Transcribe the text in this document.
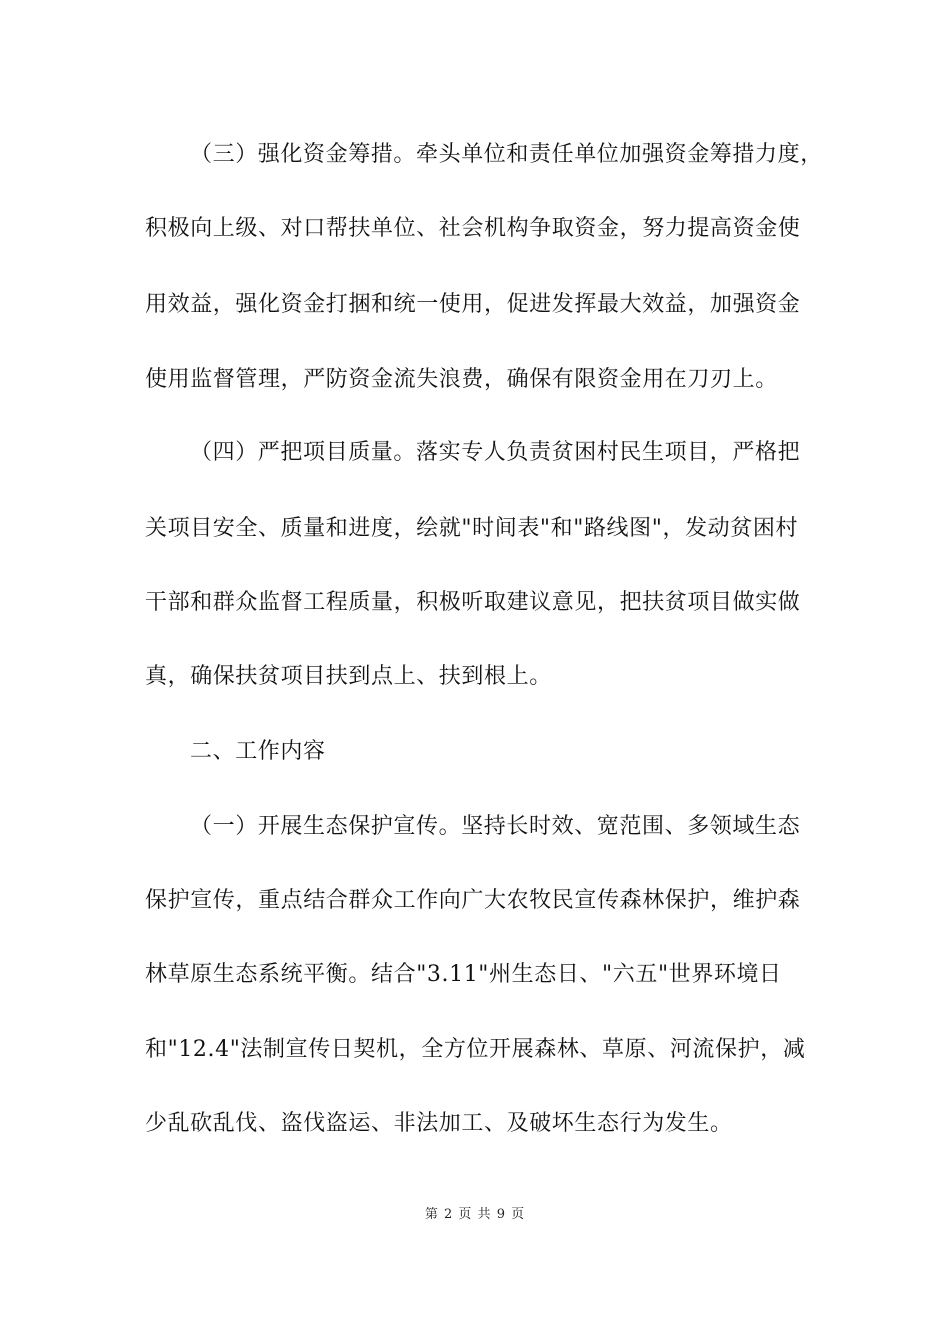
（三）强化资金筹措。牵头单位和责任单位加强资金筹措力度，
积极向上级、对口帮扶单位、社会机构争取资金，努力提高资金使
用效益，强化资金打捆和统一使用，促进发挥最大效益，加强资金
使用监督管理，严防资金流失浪费，确保有限资金用在刀刃上。
（四）严把项目质量。落实专人负责贫困村民生项目，严格把
关项目安全、质量和进度，绘就"时间表"和"路线图"，发动贫困村
干部和群众监督工程质量，积极听取建议意见，把扶贫项目做实做
真，确保扶贫项目扶到点上、扶到根上。
二、工作内容
（一）开展生态保护宣传。坚持长时效、宽范围、多领域生态
保护宣传，重点结合群众工作向广大农牧民宣传森林保护，维护森
林草原生态系统平衡。结合"3.11"州生态日、"六五"世界环境日
和"12.4"法制宣传日契机，全方位开展森林、草原、河流保护，减
少乱砍乱伐、盗伐盗运、非法加工、及破坏生态行为发生。
第 2 页 共 9 页
